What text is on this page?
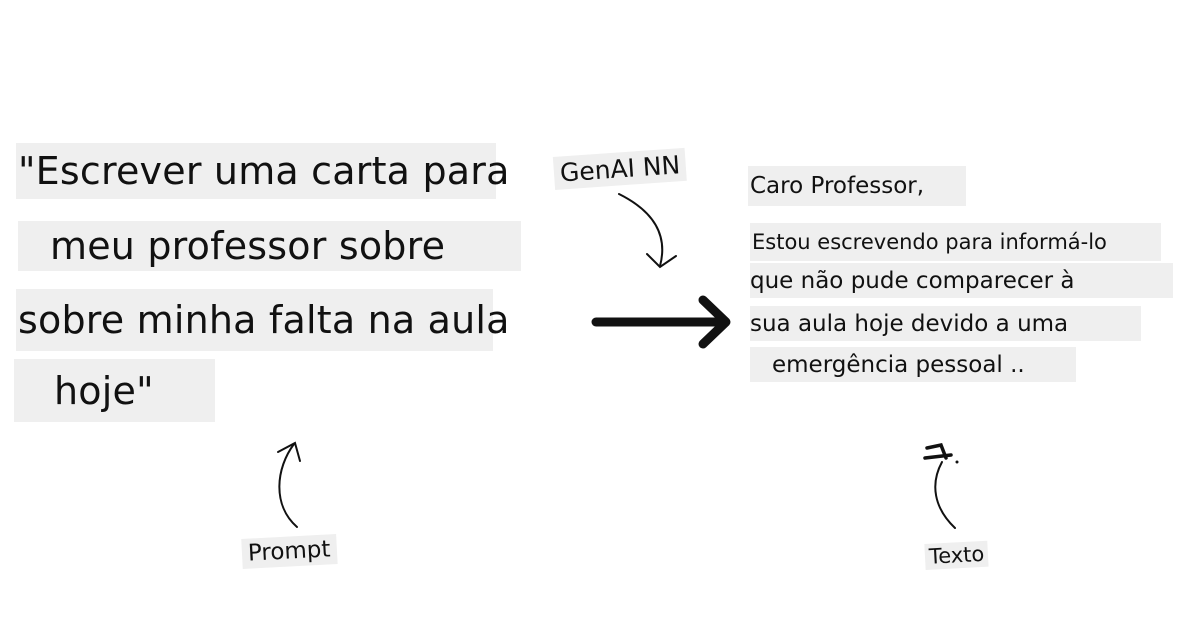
"Escrever uma carta para
meu professor sobre
sobre minha falta na aula
hoje"
Caro Professor,
Estou escrevendo para informá-lo
que não pude comparecer à
sua aula hoje devido a uma
emergência pessoal ..
GenAI NN
Prompt	Texto
